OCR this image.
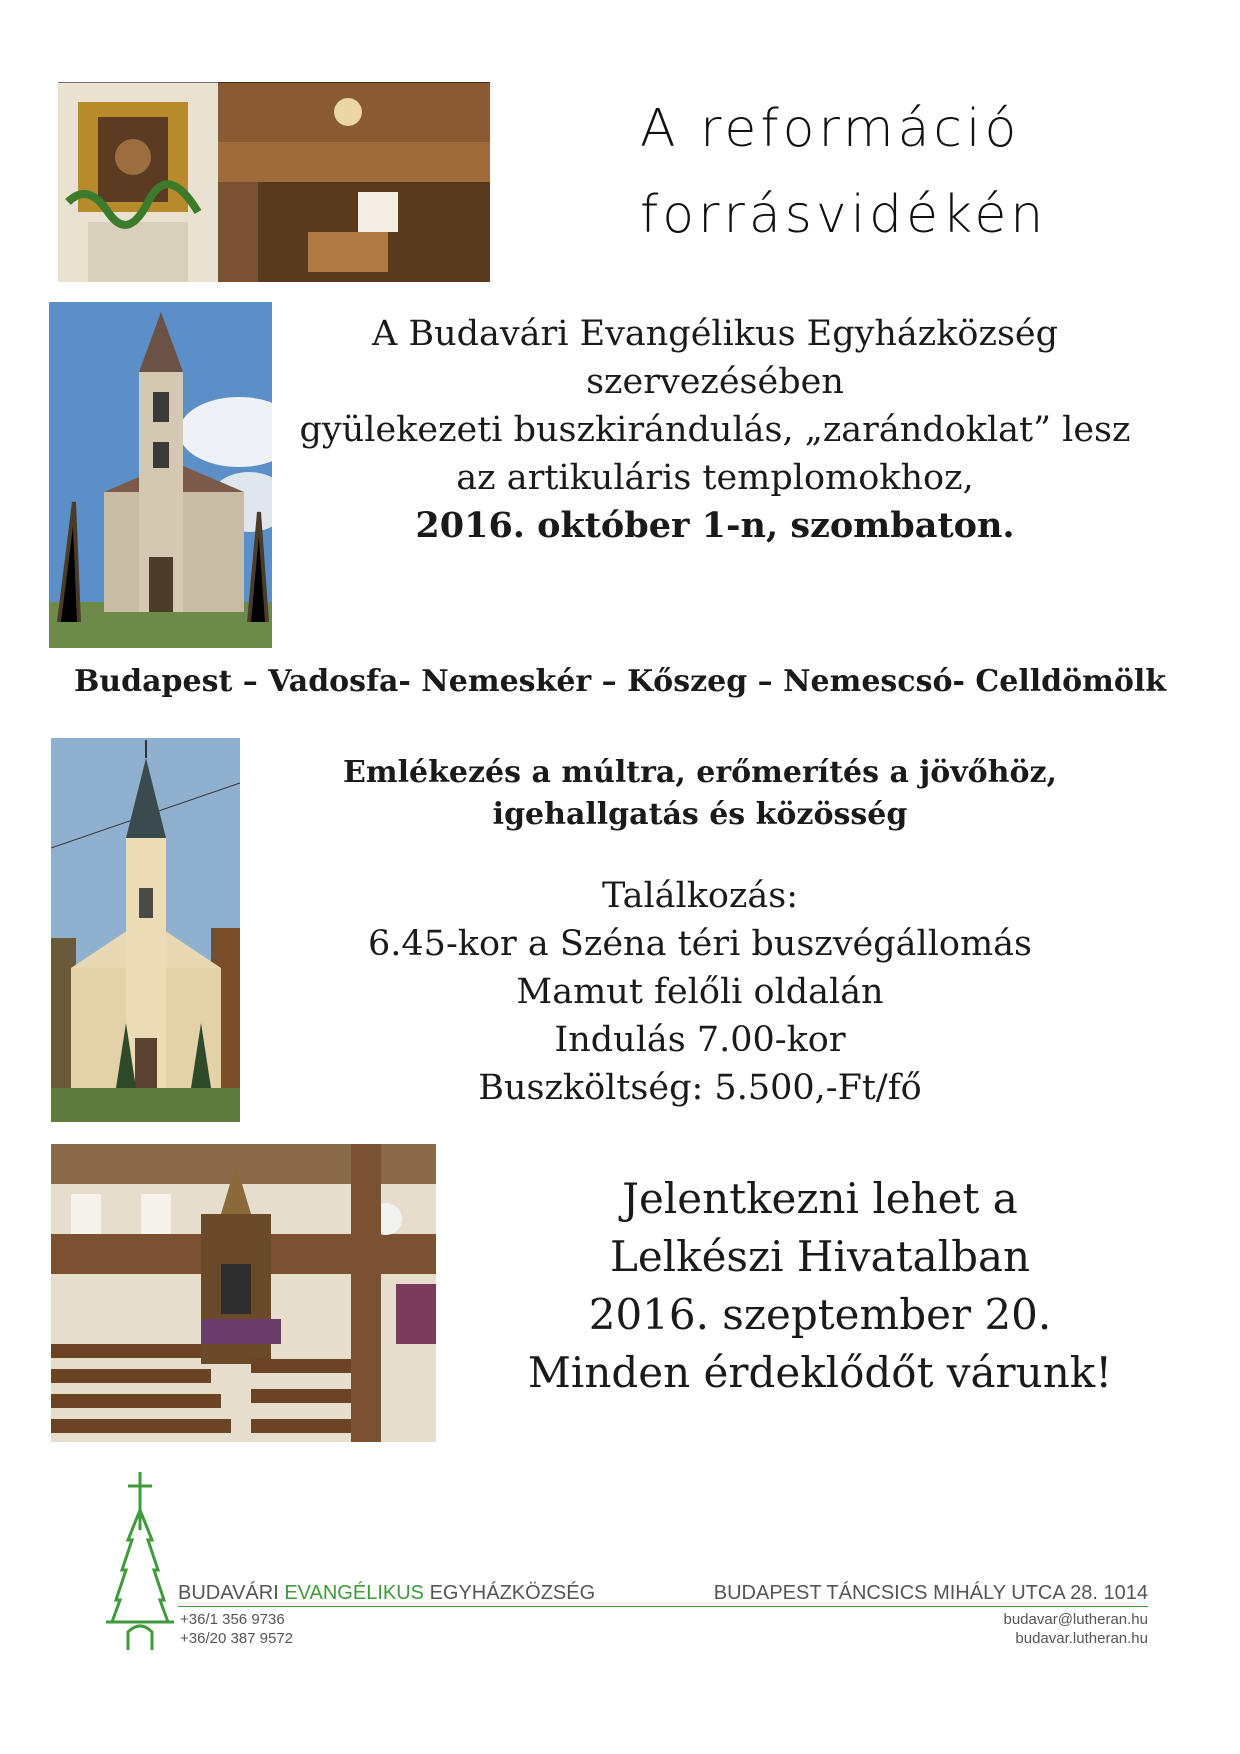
A reformáció
forrásvidékén
A Budavári Evangélikus Egyházközség
szervezésében
gyülekezeti buszkirándulás, „zarándoklat” lesz
az artikuláris templomokhoz,
2016. október 1-n, szombaton.
Budapest – Vadosfa- Nemeskér – Kőszeg – Nemescsó- Celldömölk
Emlékezés a múltra, erőmerítés a jövőhöz,
igehallgatás és közösség
Találkozás:
6.45-kor a Széna téri buszvégállomás
Mamut felőli oldalán
Indulás 7.00-kor
Buszköltség: 5.500,-Ft/fő
Jelentkezni lehet a
Lelkészi Hivatalban
2016. szeptember 20.
Minden érdeklődőt várunk!
BUDAVÁRI EVANGÉLIKUS EGYHÁZKÖZSÉG
+36/1 356 9736
+36/20 387 9572
BUDAPEST TÁNCSICS MIHÁLY UTCA 28. 1014
budavar@lutheran.hu
budavar.lutheran.hu
